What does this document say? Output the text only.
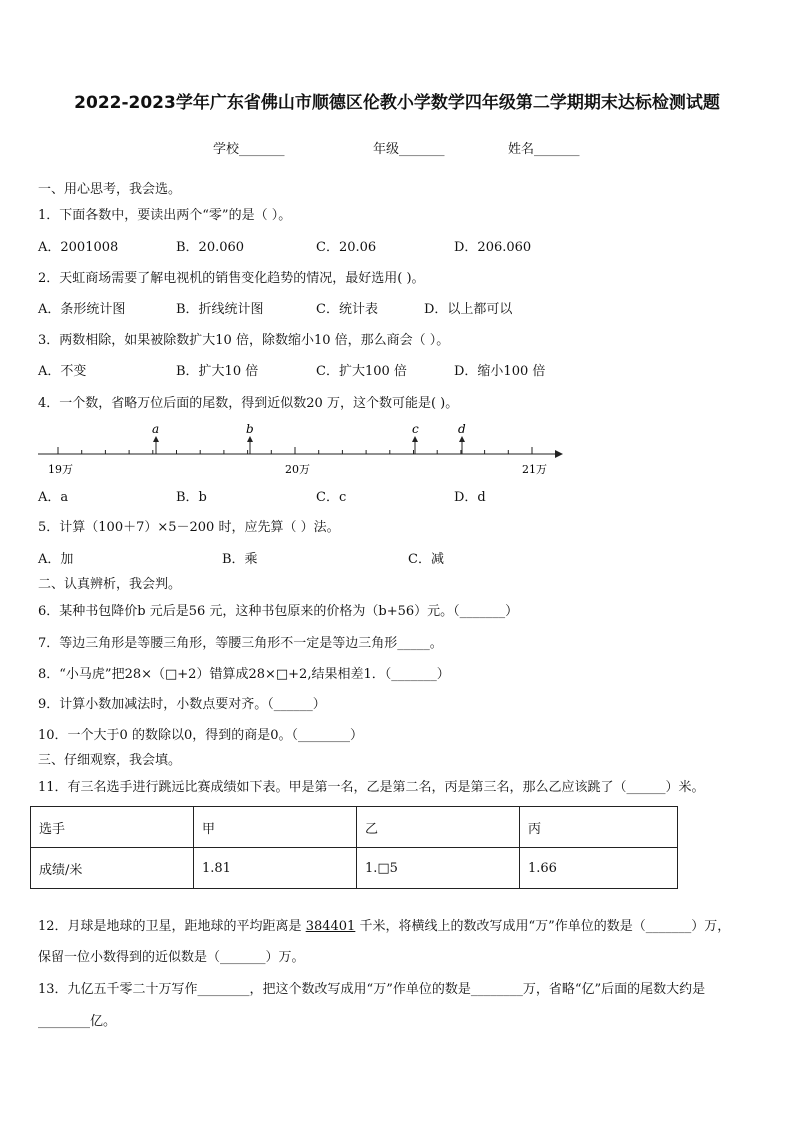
2022-2023学年广东省佛山市顺德区伦教小学数学四年级第二学期期末达标检测试题
学校_______	年级_______	姓名_______
一、用心思考，我会选。
1．下面各数中，要读出两个“零”的是（ ）。
A．2001008	B．20.060	C．20.06	D．206.060
2．天虹商场需要了解电视机的销售变化趋势的情况，最好选用( )。
A．条形统计图	B．折线统计图	C．统计表	D．以上都可以
3．两数相除，如果被除数扩大10 倍，除数缩小10 倍，那么商会（ ）。
A．不变	B．扩大10 倍	C．扩大100 倍	D．缩小100 倍
4．一个数，省略万位后面的尾数，得到近似数20 万，这个数可能是( )。
19万	20万	21万
a	b	c	d
A．a	B．b	C．c	D．d
5．计算（100＋7）×5－200 时，应先算（ ）法。
A．加	B．乘	C．减
二、认真辨析，我会判。
6．某种书包降价b 元后是56 元，这种书包原来的价格为（b+56）元。（_______）
7．等边三角形是等腰三角形，等腰三角形不一定是等边三角形_____。
8．“小马虎”把28×（□+2）错算成28×□+2,结果相差1．（_______）
9．计算小数加减法时，小数点要对齐。（______）
10．一个大于0 的数除以0，得到的商是0。（________）
三、仔细观察，我会填。
11．有三名选手进行跳远比赛成绩如下表。甲是第一名，乙是第二名，丙是第三名，那么乙应该跳了（______）米。
选手	甲	乙	丙
成绩/米	1.81	1.□5	1.66
12．月球是地球的卫星，距地球的平均距离是 384401 千米，将横线上的数改写成用“万”作单位的数是（_______）万，
保留一位小数得到的近似数是（_______）万。
13．九亿五千零二十万写作________，把这个数改写成用“万”作单位的数是________万，省略“亿”后面的尾数大约是
________亿。
